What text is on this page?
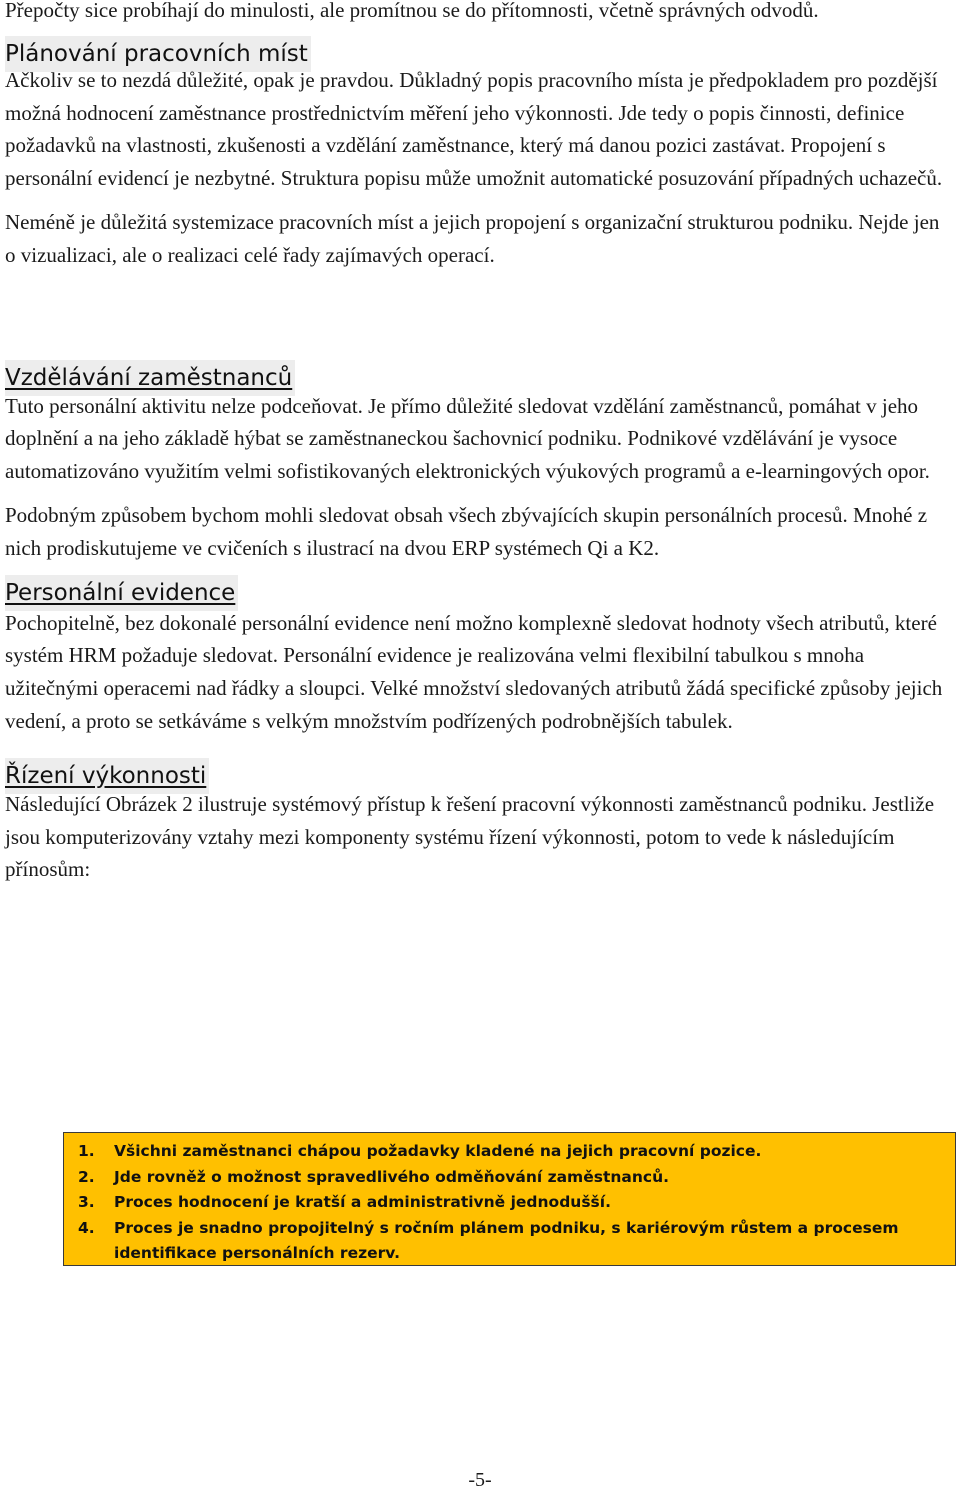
Přepočty sice probíhají do minulosti, ale promítnou se do přítomnosti, včetně správných odvodů.

Plánování pracovních míst

Ačkoliv se to nezdá důležité, opak je pravdou. Důkladný popis pracovního místa je předpokladem pro pozdější možná hodnocení zaměstnance prostřednictvím měření jeho výkonnosti. Jde tedy o popis činnosti, definice požadavků na vlastnosti, zkušenosti a vzdělání zaměstnance, který má danou pozici zastávat. Propojení s personální evidencí je nezbytné. Struktura popisu může umožnit automatické posuzování případných uchazečů.

Neméně je důležitá systemizace pracovních míst a jejich propojení s organizační strukturou podniku. Nejde jen o vizualizaci, ale o realizaci celé řady zajímavých operací.

Vzdělávání zaměstnanců

Tuto personální aktivitu nelze podceňovat. Je přímo důležité sledovat vzdělání zaměstnanců, pomáhat v jeho doplnění a na jeho základě hýbat se zaměstnaneckou šachovnicí podniku. Podnikové vzdělávání je vysoce automatizováno využitím velmi sofistikovaných elektronických výukových programů a e-learningových opor.

Podobným způsobem bychom mohli sledovat obsah všech zbývajících skupin personálních procesů. Mnohé z nich prodiskutujeme ve cvičeních s ilustrací na dvou ERP systémech Qi a K2.

Personální evidence

Pochopitelně, bez dokonalé personální evidence není možno komplexně sledovat hodnoty všech atributů, které systém HRM požaduje sledovat. Personální evidence je realizována velmi flexibilní tabulkou s mnoha užitečnými operacemi nad řádky a sloupci. Velké množství sledovaných atributů žádá specifické způsoby jejich vedení, a proto se setkáváme s velkým množstvím podřízených podrobnějších tabulek.

Řízení výkonnosti

Následující Obrázek 2 ilustruje systémový přístup k řešení pracovní výkonnosti zaměstnanců podniku. Jestliže jsou komputerizovány vztahy mezi komponenty systému řízení výkonnosti, potom to vede k následujícím přínosům:

1.	Všichni zaměstnanci chápou požadavky kladené na jejich pracovní pozice.
2.	Jde rovněž o možnost spravedlivého odměňování zaměstnanců.
3.	Proces hodnocení je kratší a administrativně jednodušší.
4.	Proces je snadno propojitelný s ročním plánem podniku, s kariérovým růstem a procesem identifikace personálních rezerv.
-5-
